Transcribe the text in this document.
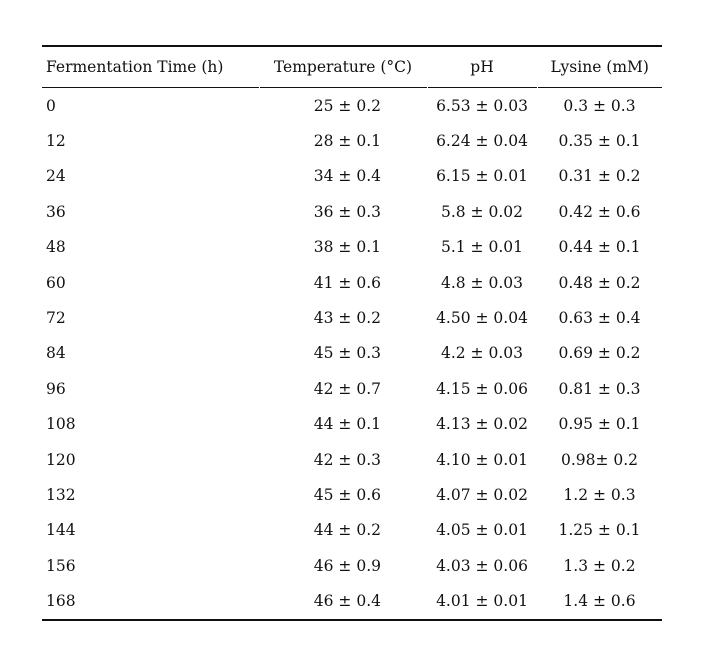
Fermentation Time (h)	Temperature (°C)	pH	Lysine (mM)
0	25 ± 0.2	6.53 ± 0.03	0.3 ± 0.3
12	28 ± 0.1	6.24 ± 0.04	0.35 ± 0.1
24	34 ± 0.4	6.15 ± 0.01	0.31 ± 0.2
36	36 ± 0.3	5.8 ± 0.02	0.42 ± 0.6
48	38 ± 0.1	5.1 ± 0.01	0.44 ± 0.1
60	41 ± 0.6	4.8 ± 0.03	0.48 ± 0.2
72	43 ± 0.2	4.50 ± 0.04	0.63 ± 0.4
84	45 ± 0.3	4.2 ± 0.03	0.69 ± 0.2
96	42 ± 0.7	4.15 ± 0.06	0.81 ± 0.3
108	44 ± 0.1	4.13 ± 0.02	0.95 ± 0.1
120	42 ± 0.3	4.10 ± 0.01	0.98± 0.2
132	45 ± 0.6	4.07 ± 0.02	1.2 ± 0.3
144	44 ± 0.2	4.05 ± 0.01	1.25 ± 0.1
156	46 ± 0.9	4.03 ± 0.06	1.3 ± 0.2
168	46 ± 0.4	4.01 ± 0.01	1.4 ± 0.6
